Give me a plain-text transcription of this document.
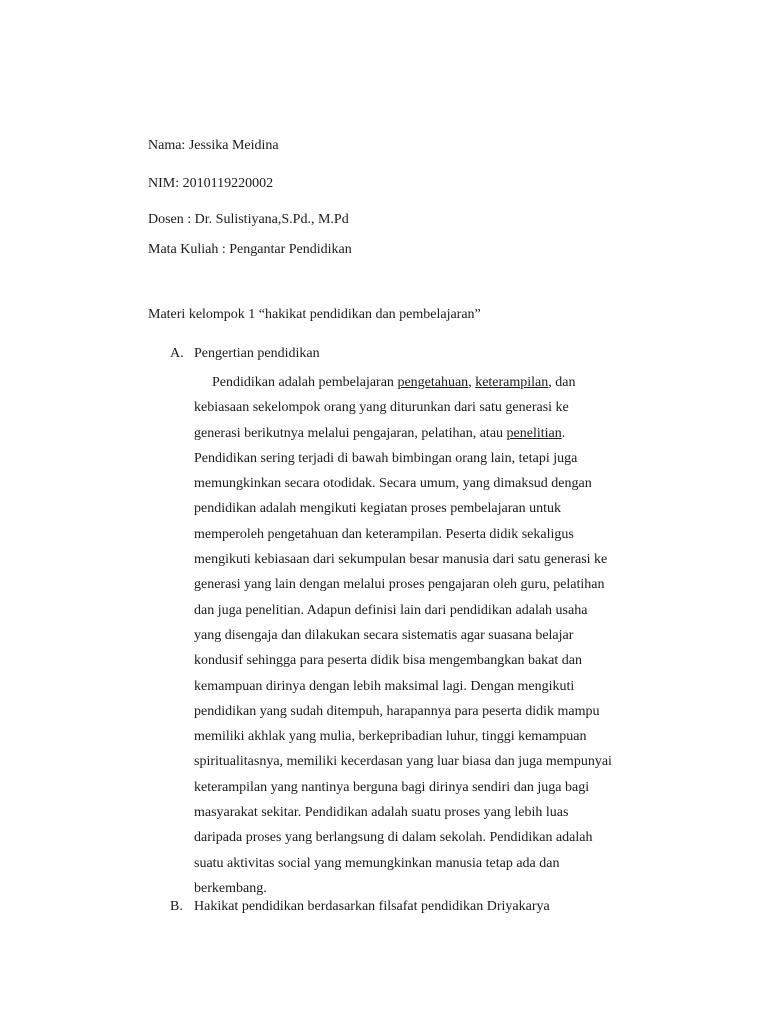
Nama: Jessika Meidina

NIM: 2010119220002

Dosen : Dr. Sulistiyana,S.Pd., M.Pd

Mata Kuliah : Pengantar Pendidikan

Materi kelompok 1 “hakikat pendidikan dan pembelajaran”

A. Pengertian pendidikan
Pendidikan adalah pembelajaran pengetahuan, keterampilan, dan
kebiasaan sekelompok orang yang diturunkan dari satu generasi ke
generasi berikutnya melalui pengajaran, pelatihan, atau penelitian.
Pendidikan sering terjadi di bawah bimbingan orang lain, tetapi juga
memungkinkan secara otodidak. Secara umum, yang dimaksud dengan
pendidikan adalah mengikuti kegiatan proses pembelajaran untuk
memperoleh pengetahuan dan keterampilan. Peserta didik sekaligus
mengikuti kebiasaan dari sekumpulan besar manusia dari satu generasi ke
generasi yang lain dengan melalui proses pengajaran oleh guru, pelatihan
dan juga penelitian. Adapun definisi lain dari pendidikan adalah usaha
yang disengaja dan dilakukan secara sistematis agar suasana belajar
kondusif sehingga para peserta didik bisa mengembangkan bakat dan
kemampuan dirinya dengan lebih maksimal lagi. Dengan mengikuti
pendidikan yang sudah ditempuh, harapannya para peserta didik mampu
memiliki akhlak yang mulia, berkepribadian luhur, tinggi kemampuan
spiritualitasnya, memiliki kecerdasan yang luar biasa dan juga mempunyai
keterampilan yang nantinya berguna bagi dirinya sendiri dan juga bagi
masyarakat sekitar. Pendidikan adalah suatu proses yang lebih luas
daripada proses yang berlangsung di dalam sekolah. Pendidikan adalah
suatu aktivitas social yang memungkinkan manusia tetap ada dan
berkembang.
B. Hakikat pendidikan berdasarkan filsafat pendidikan Driyakarya
